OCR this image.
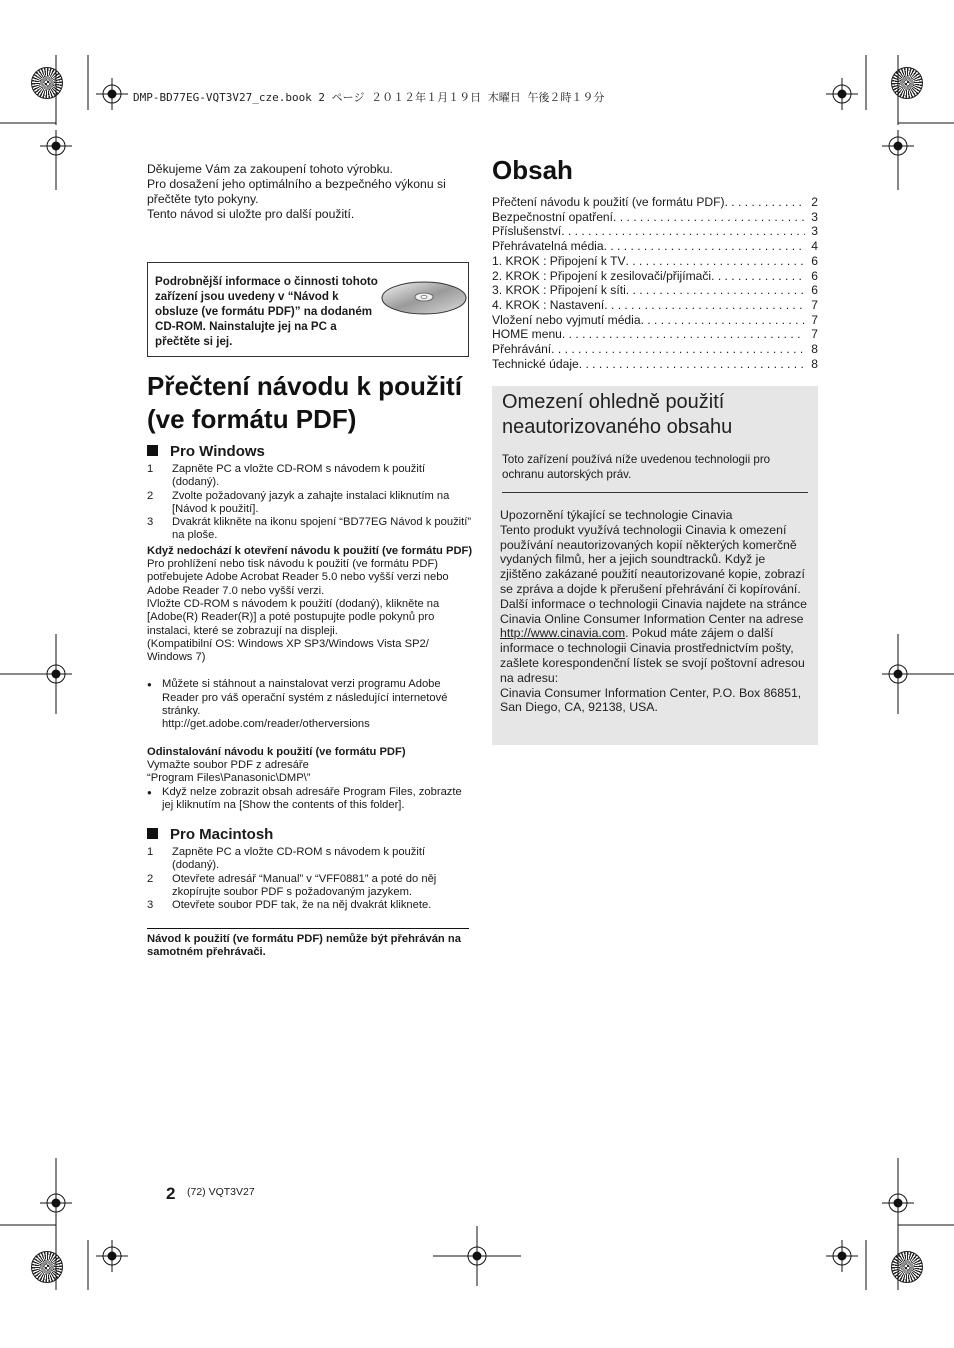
DMP-BD77EG-VQT3V27_cze.book 2 ページ ２０１２年１月１９日 木曜日 午後２時１９分

Děkujeme Vám za zakoupení tohoto výrobku.

Pro dosažení jeho optimálního a bezpečného výkonu si přečtěte tyto pokyny.

Tento návod si uložte pro další použití.

Podrobnější informace o činnosti tohoto zařízení jsou uvedeny v “Návod k obsluze (ve formátu PDF)” na dodaném CD-ROM. Nainstalujte jej na PC a přečtěte si jej.
Přečtení návodu k použití (ve formátu PDF)
Pro Windows
1 Zapněte PC a vložte CD-ROM s návodem k použití (dodaný).
2 Zvolte požadovaný jazyk a zahajte instalaci kliknutím na [Návod k použití].
3 Dvakrát klikněte na ikonu spojení “BD77EG Návod k použití” na ploše.
Když nedochází k otevření návodu k použití (ve formátu PDF)
Pro prohlížení nebo tisk návodu k použití (ve formátu PDF) potřebujete Adobe Acrobat Reader 5.0 nebo vyšší verzi nebo Adobe Reader 7.0 nebo vyšší verzi.
lVložte CD-ROM s návodem k použití (dodaný), klikněte na [Adobe(R) Reader(R)] a poté postupujte podle pokynů pro instalaci, které se zobrazují na displeji.
(Kompatibilní OS: Windows XP SP3/Windows Vista SP2/ Windows 7)
● Můžete si stáhnout a nainstalovat verzi programu Adobe Reader pro váš operační systém z následující internetové stránky.
http://get.adobe.com/reader/otherversions
Odinstalování návodu k použití (ve formátu PDF)
Vymažte soubor PDF z adresáře
“Program Files\Panasonic\DMP\”
● Když nelze zobrazit obsah adresáře Program Files, zobrazte jej kliknutím na [Show the contents of this folder].
Pro Macintosh
1 Zapněte PC a vložte CD-ROM s návodem k použití (dodaný).
2 Otevřete adresář “Manual” v “VFF0881” a poté do něj zkopírujte soubor PDF s požadovaným jazykem.
3 Otevřete soubor PDF tak, že na něj dvakrát kliknete.
Návod k použití (ve formátu PDF) nemůže být přehráván na samotném přehrávači.
Obsah
Přečtení návodu k použití (ve formátu PDF) . . .	2
Bezpečnostní opatření . . .	3
Příslušenství . . .	3
Přehrávatelná média . . .	4
1. KROK : Připojení k TV . . .	6
2. KROK : Připojení k zesilovači/přijímači . . .	6
3. KROK : Připojení k síti . . .	6
4. KROK : Nastavení . . .	7
Vložení nebo vyjmutí média . . .	7
HOME menu . . .	7
Přehrávání . . .	8
Technické údaje . . .	8
Omezení ohledně použití neautorizovaného obsahu
Toto zařízení používá níže uvedenou technologii pro ochranu autorských práv.
Upozornění týkající se technologie Cinavia
Tento produkt využívá technologii Cinavia k omezení používání neautorizovaných kopií některých komerčně vydaných filmů, her a jejich soundtracků. Když je zjištěno zakázané použití neautorizované kopie, zobrazí se zpráva a dojde k přerušení přehrávání či kopírování.
Další informace o technologii Cinavia najdete na stránce Cinavia Online Consumer Information Center na adrese http://www.cinavia.com. Pokud máte zájem o další informace o technologii Cinavia prostřednictvím pošty, zašlete korespondenční lístek se svojí poštovní adresou na adresu:
Cinavia Consumer Information Center, P.O. Box 86851, San Diego, CA, 92138, USA.
2 (72) VQT3V27
